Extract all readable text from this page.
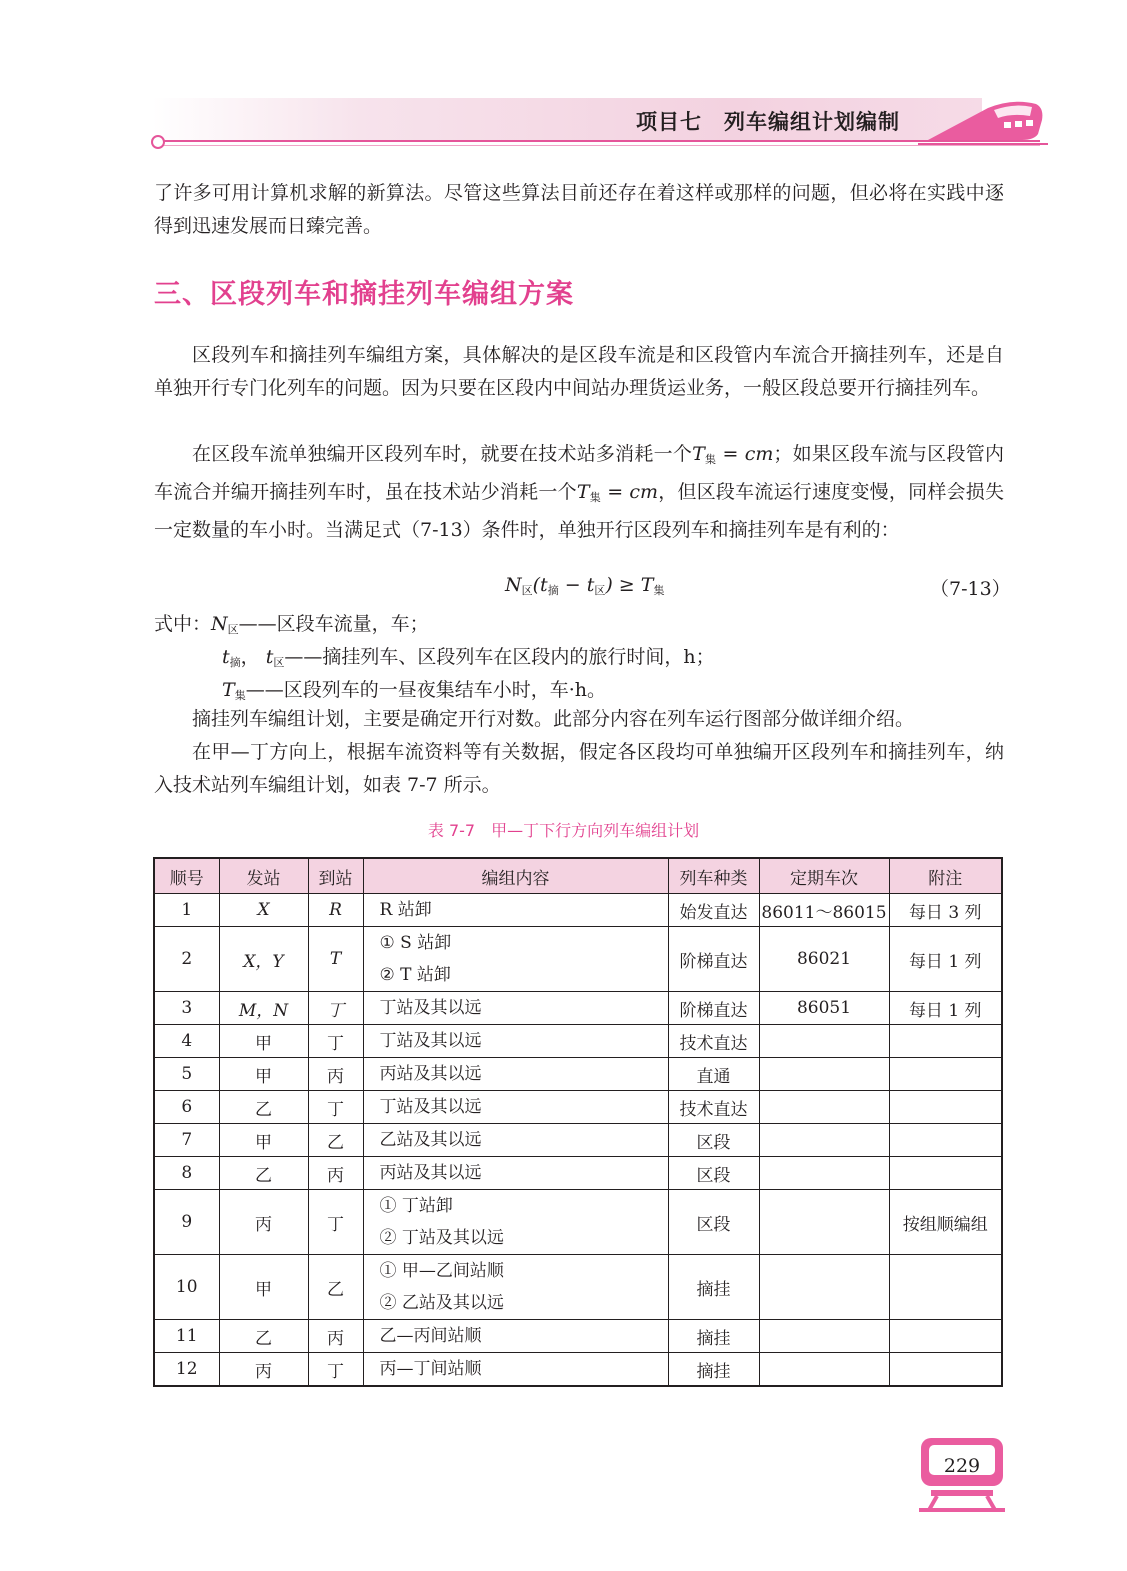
项目七　列车编组计划编制

了许多可用计算机求解的新算法。尽管这些算法目前还存在着这样或那样的问题，但必将在实践中逐得到迅速发展而日臻完善。

三、区段列车和摘挂列车编组方案

区段列车和摘挂列车编组方案，具体解决的是区段车流是和区段管内车流合开摘挂列车，还是自单独开行专门化列车的问题。因为只要在区段内中间站办理货运业务，一般区段总要开行摘挂列车。

在区段车流单独编开区段列车时，就要在技术站多消耗一个$T_集$ = cm；如果区段车流与区段管内车流合并编开摘挂列车时，虽在技术站少消耗一个$T_集$ = cm，但区段车流运行速度变慢，同样会损失一定数量的车小时。当满足式（7-13）条件时，单独开行区段列车和摘挂列车是有利的：

$N_区(t_摘 - t_区) \ge T_集$	（7-13）
式中：$N_区——$区段车流量，车；
$t_摘$， $t_区——$摘挂列车、区段列车在区段内的旅行时间，h；
$T_集——$区段列车的一昼夜集结车小时，车·h。

摘挂列车编组计划，主要是确定开行对数。此部分内容在列车运行图部分做详细介绍。

在甲—丁方向上，根据车流资料等有关数据，假定各区段均可单独编开区段列车和摘挂列车，纳入技术站列车编组计划，如表 7-7 所示。

表 7-7　甲—丁下行方向列车编组计划
顺号	发站	到站	编组内容	列车种类	定期车次	附注
1	X	R	R 站卸	始发直达	86011～86015	每日 3 列
2	X，Y	T	① S 站卸
② T 站卸	阶梯直达	86021	每日 1 列
3	M，N	丁	丁站及其以远	阶梯直达	86051	每日 1 列
4	甲	丁	丁站及其以远	技术直达		
5	甲	丙	丙站及其以远	直通		
6	乙	丁	丁站及其以远	技术直达		
7	甲	乙	乙站及其以远	区段		
8	乙	丙	丙站及其以远	区段		
9	丙	丁	① 丁站卸
② 丁站及其以远	区段		按组顺编组
10	甲	乙	① 甲—乙间站顺
② 乙站及其以远	摘挂		
11	乙	丙	乙—丙间站顺	摘挂		
12	丙	丁	丙—丁间站顺	摘挂		
229
